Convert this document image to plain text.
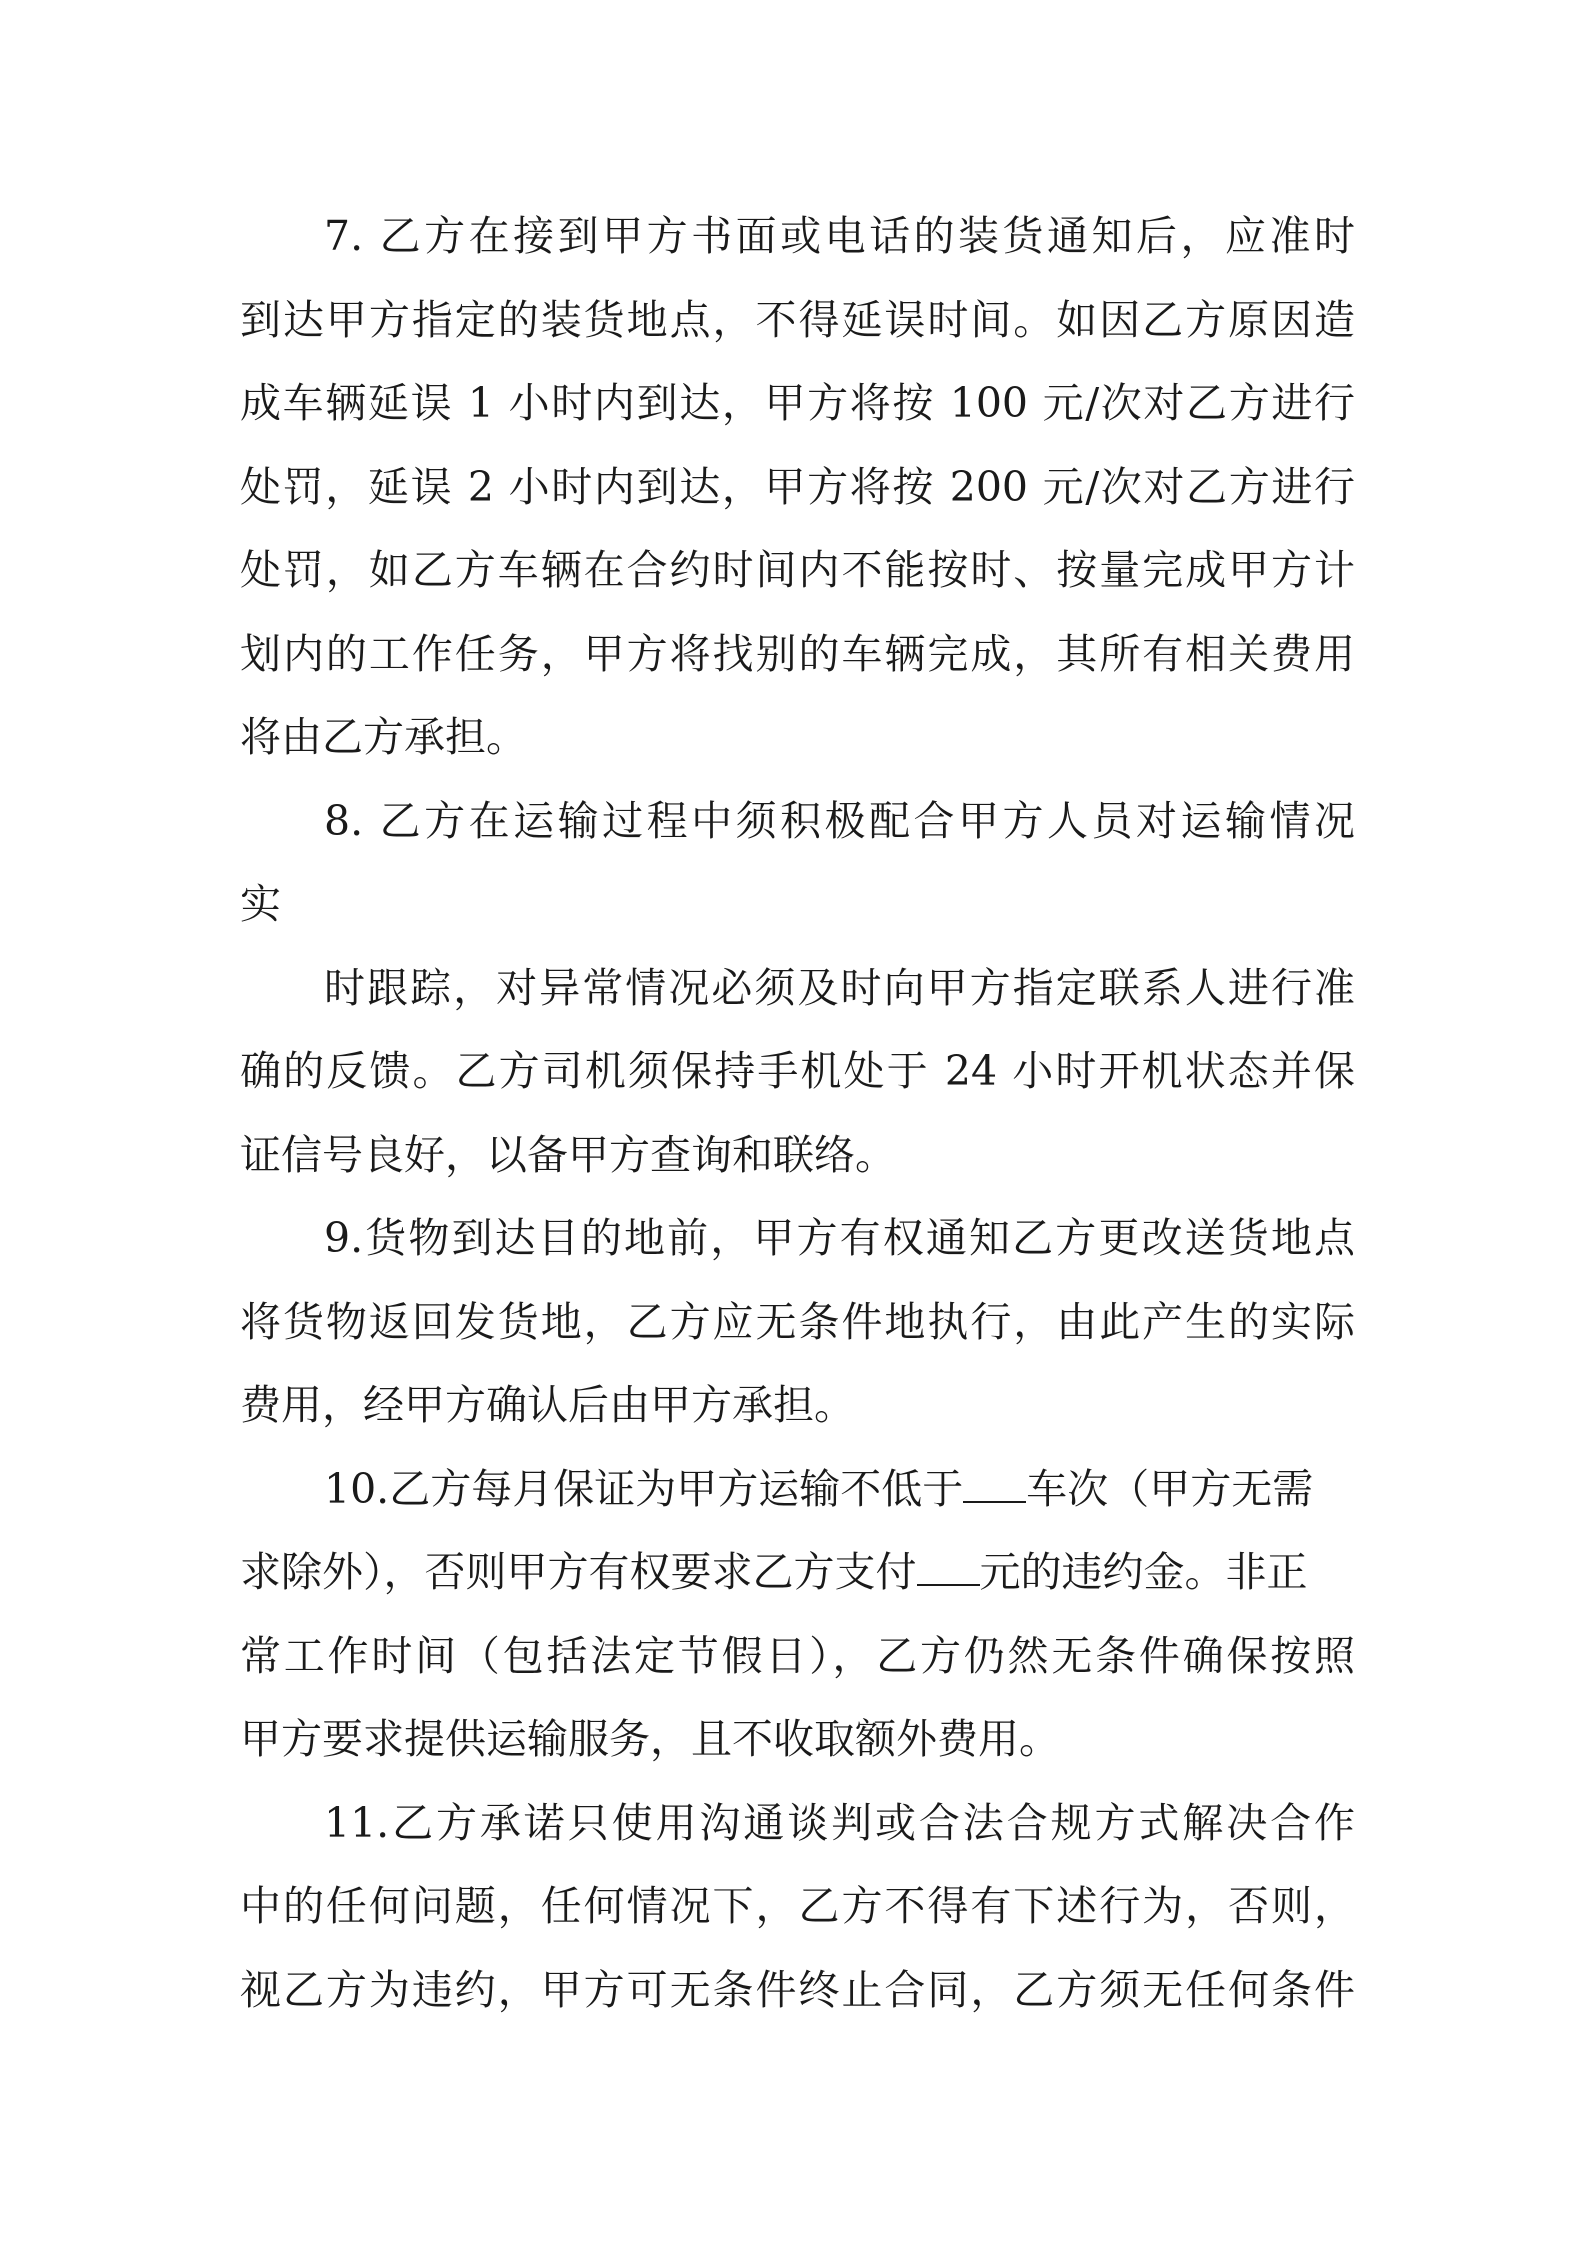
7. 乙方在接到甲方书面或电话的装货通知后，应准时
到达甲方指定的装货地点，不得延误时间。如因乙方原因造
成车辆延误 1 小时内到达，甲方将按 100 元/次对乙方进行
处罚，延误 2 小时内到达，甲方将按 200 元/次对乙方进行
处罚，如乙方车辆在合约时间内不能按时、按量完成甲方计
划内的工作任务，甲方将找别的车辆完成，其所有相关费用
将由乙方承担。
8. 乙方在运输过程中须积极配合甲方人员对运输情况
实
时跟踪，对异常情况必须及时向甲方指定联系人进行准
确的反馈。乙方司机须保持手机处于 24 小时开机状态并保
证信号良好，以备甲方查询和联络。
9.货物到达目的地前，甲方有权通知乙方更改送货地点
将货物返回发货地，乙方应无条件地执行，由此产生的实际
费用，经甲方确认后由甲方承担。
10.乙方每月保证为甲方运输不低于 车次（甲方无需
求除外），否则甲方有权要求乙方支付 元的违约金。非正
常工作时间（包括法定节假日），乙方仍然无条件确保按照
甲方要求提供运输服务，且不收取额外费用。
11.乙方承诺只使用沟通谈判或合法合规方式解决合作
中的任何问题，任何情况下，乙方不得有下述行为，否则，
视乙方为违约，甲方可无条件终止合同，乙方须无任何条件
